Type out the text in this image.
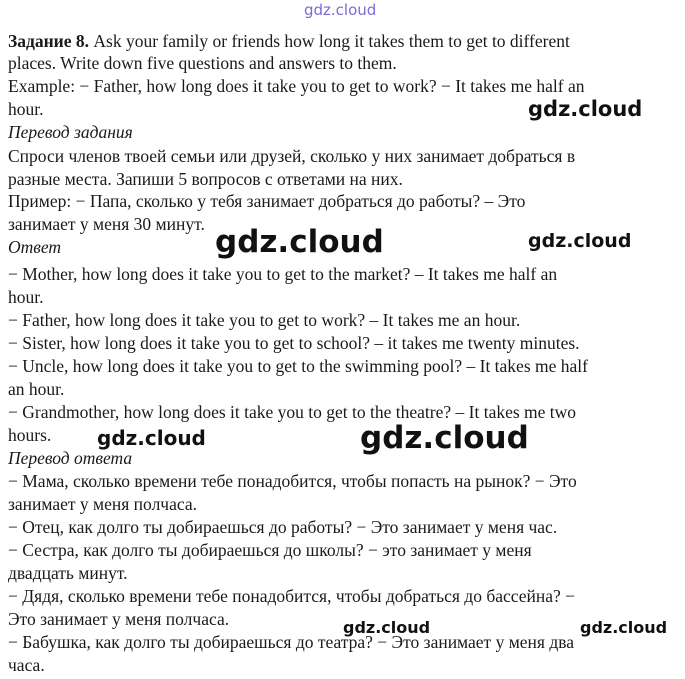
gdz.cloud
Задание 8. Ask your family or friends how long it takes them to get to different
places. Write down five questions and answers to them.
Example: − Father, how long does it take you to get to work? − It takes me half an
hour.	gdz.cloud
Перевод задания
Спроси членов твоей семьи или друзей, сколько у них занимает добраться в
разные места. Запиши 5 вопросов с ответами на них.
Пример: − Папа, сколько у тебя занимает добраться до работы? – Это
занимает у меня 30 минут.
Ответ	gdz.cloud	gdz.cloud
− Mother, how long does it take you to get to the market? – It takes me half an
hour.
− Father, how long does it take you to get to work? – It takes me an hour.
− Sister, how long does it take you to get to school? – it takes me twenty minutes.
− Uncle, how long does it take you to get to the swimming pool? – It takes me half
an hour.
− Grandmother, how long does it take you to get to the theatre? – It takes me two
hours. gdz.cloud	gdz.cloud
Перевод ответа
− Мама, сколько времени тебе понадобится, чтобы попасть на рынок? − Это
занимает у меня полчаса.
− Отец, как долго ты добираешься до работы? − Это занимает у меня час.
− Сестра, как долго ты добираешься до школы? − это занимает у меня
двадцать минут.
− Дядя, сколько времени тебе понадобится, чтобы добраться до бассейна? −
Это занимает у меня полчаса.
− Бабушка, как долго ты добираешься до театра? − Это занимает у меня два
часа.
gdz.cloud	gdz.cloud
